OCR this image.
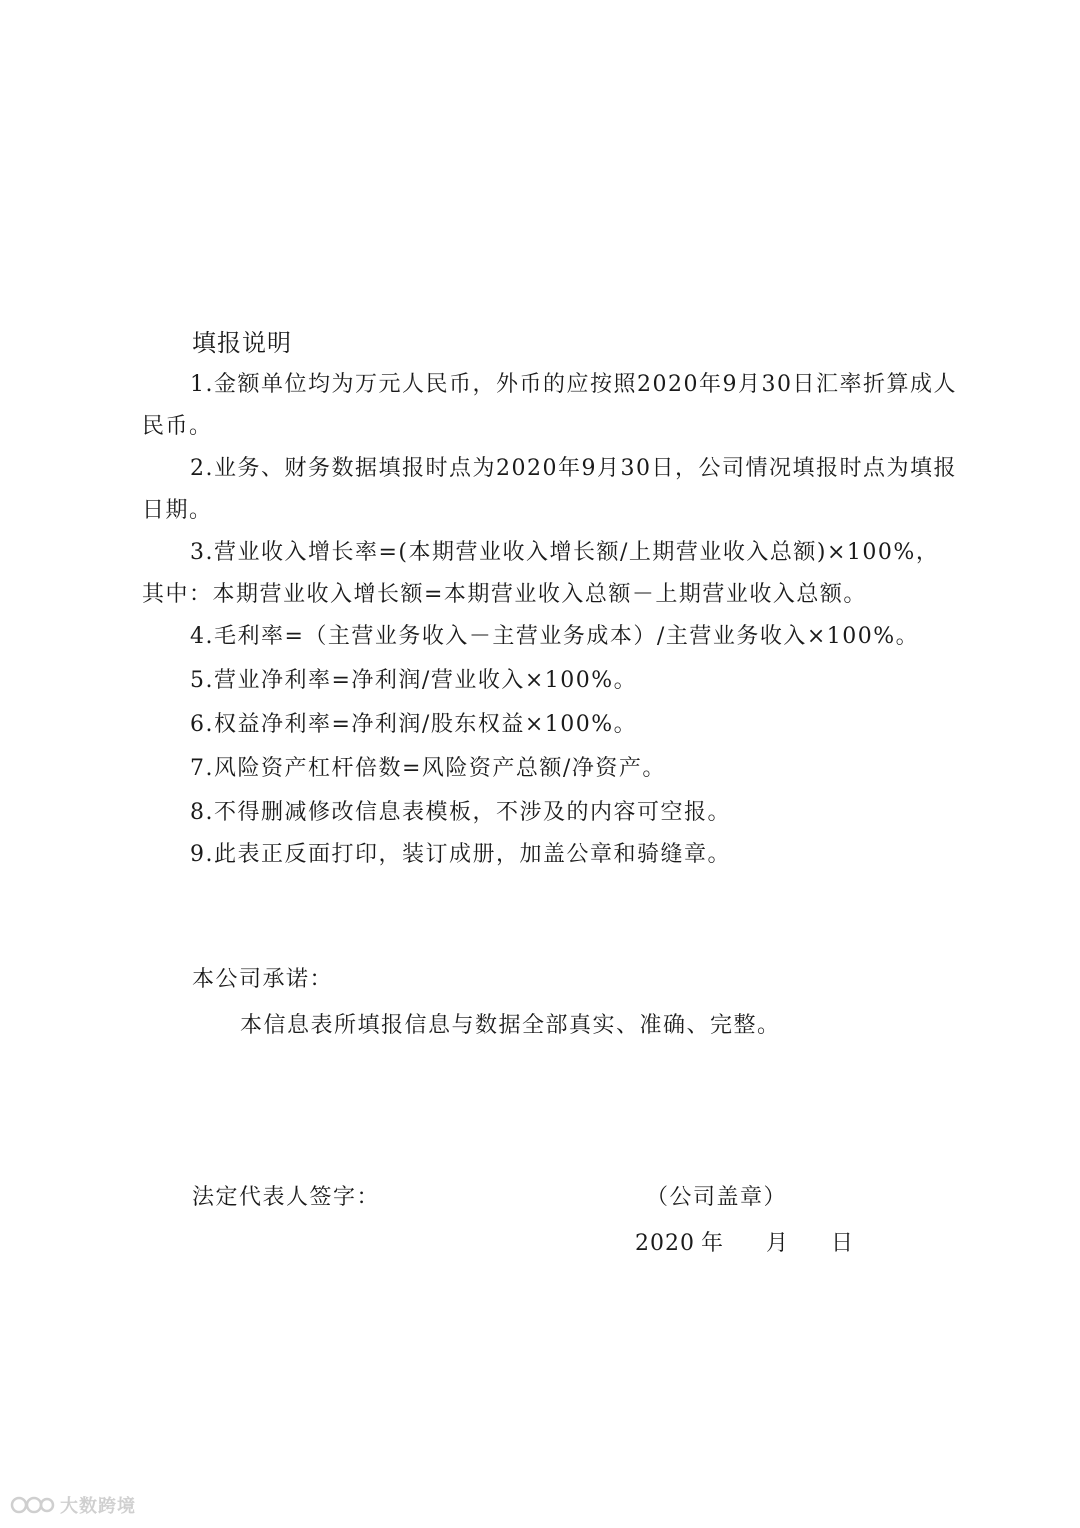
填报说明

1.金额单位均为万元人民币，外币的应按照2020年9月30日汇率折算成人民币。

2.业务、财务数据填报时点为2020年9月30日，公司情况填报时点为填报日期。

3.营业收入增长率=(本期营业收入增长额/上期营业收入总额)×100%，其中：本期营业收入增长额=本期营业收入总额－上期营业收入总额。

4.毛利率=（主营业务收入－主营业务成本）/主营业务收入×100%。

5.营业净利率=净利润/营业收入×100%。

6.权益净利率=净利润/股东权益×100%。

7.风险资产杠杆倍数=风险资产总额/净资产。

8.不得删减修改信息表模板，不涉及的内容可空报。

9.此表正反面打印，装订成册，加盖公章和骑缝章。

本公司承诺：
本信息表所填报信息与数据全部真实、准确、完整。
法定代表人签字：	（公司盖章）
2020 年 月 日
大数跨境
